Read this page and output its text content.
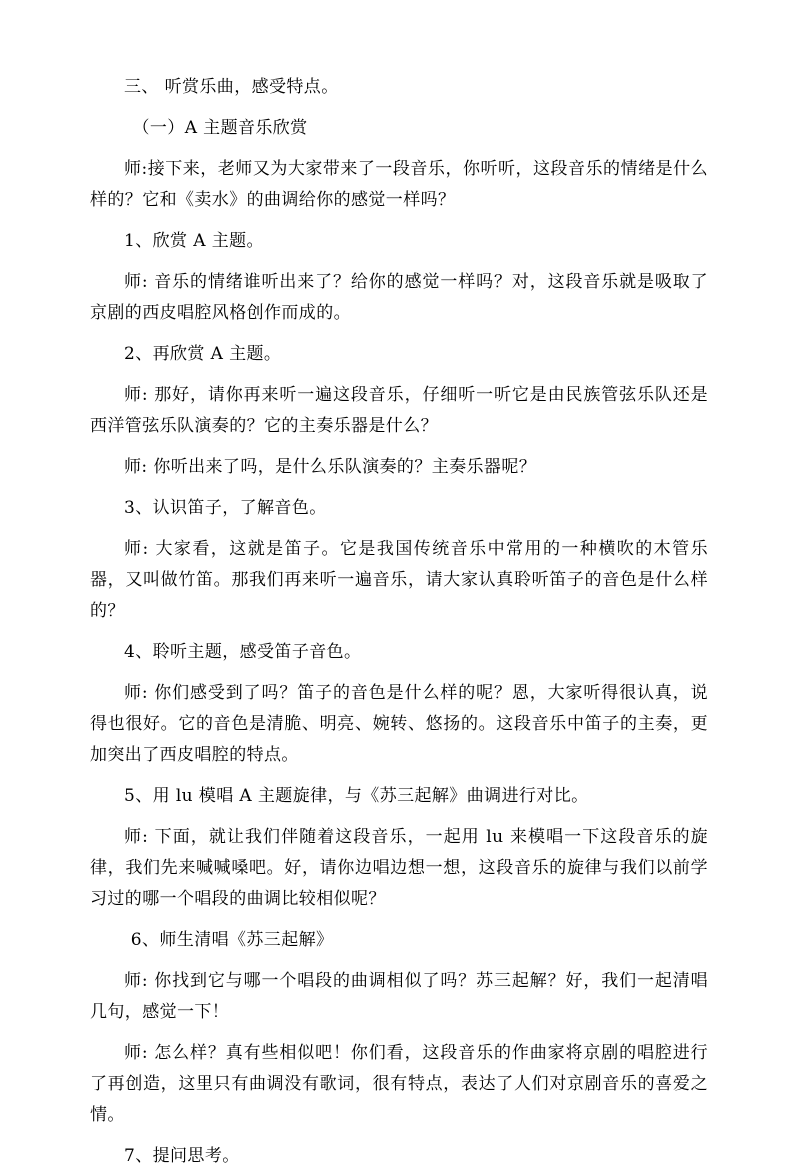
三、 听赏乐曲，感受特点。

（一）A 主题音乐欣赏

师:接下来，老师又为大家带来了一段音乐，你听听，这段音乐的情绪是什么样的？它和《卖水》的曲调给你的感觉一样吗？

1、欣赏 A 主题。

师: 音乐的情绪谁听出来了？给你的感觉一样吗？对，这段音乐就是吸取了京剧的西皮唱腔风格创作而成的。

2、再欣赏 A 主题。

师: 那好，请你再来听一遍这段音乐，仔细听一听它是由民族管弦乐队还是西洋管弦乐队演奏的？它的主奏乐器是什么？

师: 你听出来了吗，是什么乐队演奏的？主奏乐器呢？

3、认识笛子，了解音色。

师: 大家看，这就是笛子。它是我国传统音乐中常用的一种横吹的木管乐器，又叫做竹笛。那我们再来听一遍音乐，请大家认真聆听笛子的音色是什么样的？

4、聆听主题，感受笛子音色。

师: 你们感受到了吗？笛子的音色是什么样的呢？恩，大家听得很认真，说得也很好。它的音色是清脆、明亮、婉转、悠扬的。这段音乐中笛子的主奏，更加突出了西皮唱腔的特点。

5、用 lu 模唱 A 主题旋律，与《苏三起解》曲调进行对比。

师: 下面，就让我们伴随着这段音乐，一起用 lu 来模唱一下这段音乐的旋律，我们先来喊喊嗓吧。好，请你边唱边想一想，这段音乐的旋律与我们以前学习过的哪一个唱段的曲调比较相似呢？

6、师生清唱《苏三起解》

师: 你找到它与哪一个唱段的曲调相似了吗？苏三起解？好，我们一起清唱几句，感觉一下！

师: 怎么样？真有些相似吧！你们看，这段音乐的作曲家将京剧的唱腔进行了再创造，这里只有曲调没有歌词，很有特点，表达了人们对京剧音乐的喜爱之情。

7、提问思考。
